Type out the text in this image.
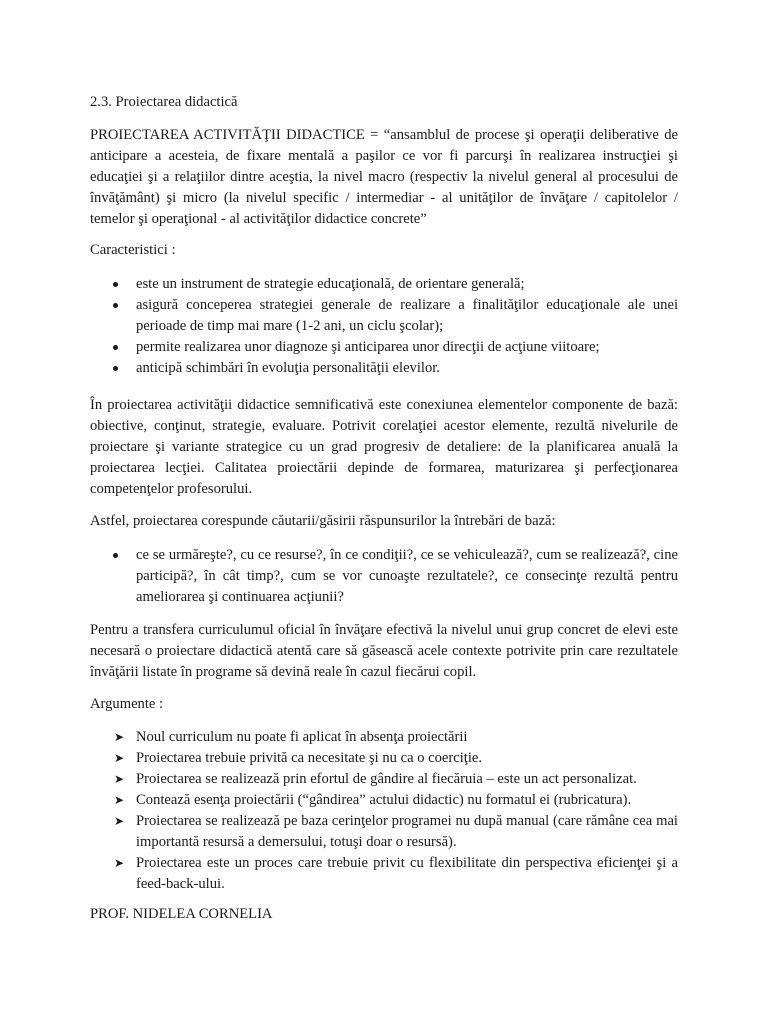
2.3. Proiectarea didactică

PROIECTAREA ACTIVITĂŢII DIDACTICE = “ansamblul de procese şi operaţii deliberative de anticipare a acesteia, de fixare mentală a paşilor ce vor fi parcurşi în realizarea instrucţiei şi educaţiei şi a relaţiilor dintre aceştia, la nivel macro (respectiv la nivelul general al procesului de învăţământ) şi micro (la nivelul specific / intermediar - al unităţilor de învăţare / capitolelor / temelor şi operaţional - al activităţilor didactice concrete”

Caracteristici :

este un instrument de strategie educaţională, de orientare generală;
asigură conceperea strategiei generale de realizare a finalităţilor educaţionale ale unei perioade de timp mai mare (1-2 ani, un ciclu şcolar);
permite realizarea unor diagnoze şi anticiparea unor direcţii de acţiune viitoare;
anticipă schimbări în evoluţia personalităţii elevilor.

În proiectarea activităţii didactice semnificativă este conexiunea elementelor componente de bază: obiective, conţinut, strategie, evaluare. Potrivit corelaţiei acestor elemente, rezultă nivelurile de proiectare şi variante strategice cu un grad progresiv de detaliere: de la planificarea anuală la proiectarea lecţiei. Calitatea proiectării depinde de formarea, maturizarea şi perfecţionarea competenţelor profesorului.

Astfel, proiectarea corespunde căutarii/găsirii răspunsurilor la întrebări de bază:

ce se urmăreşte?, cu ce resurse?, în ce condiţii?, ce se vehiculează?, cum se realizează?, cine participă?, în cât timp?, cum se vor cunoaşte rezultatele?, ce consecinţe rezultă pentru ameliorarea şi continuarea acţiunii?

Pentru a transfera curriculumul oficial în învăţare efectivă la nivelul unui grup concret de elevi este necesară o proiectare didactică atentă care să găsească acele contexte potrivite prin care rezultatele învăţării listate în programe să devină reale în cazul fiecărui copil.

Argumente :

➤ Noul curriculum nu poate fi aplicat în absenţa proiectării
➤ Proiectarea trebuie privită ca necesitate şi nu ca o coerciţie.
➤ Proiectarea se realizează prin efortul de gândire al fiecăruia – este un act personalizat.
➤ Contează esenţa proiectării (“gândirea” actului didactic) nu formatul ei (rubricatura).
➤ Proiectarea se realizează pe baza cerinţelor programei nu după manual (care rămâne cea mai importantă resursă a demersului, totuşi doar o resursă).
➤ Proiectarea este un proces care trebuie privit cu flexibilitate din perspectiva eficienţei şi a feed-back-ului.

PROF. NIDELEA CORNELIA
